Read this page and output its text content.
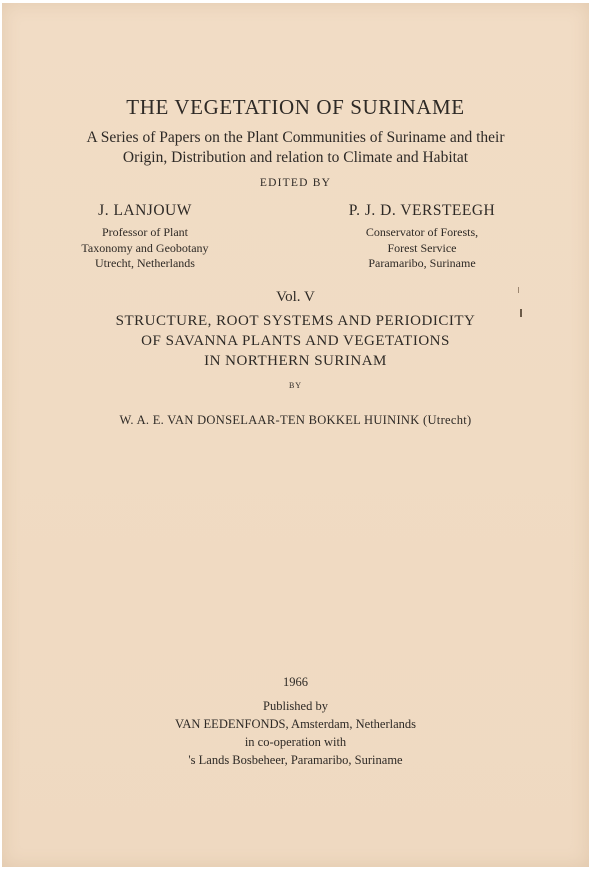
THE VEGETATION OF SURINAME
A Series of Papers on the Plant Communities of Suriname and their
Origin, Distribution and relation to Climate and Habitat
EDITED BY
J. LANJOUW
Professor of Plant
Taxonomy and Geobotany
Utrecht, Netherlands
P. J. D. VERSTEEGH
Conservator of Forests,
Forest Service
Paramaribo, Suriname
Vol. V
STRUCTURE, ROOT SYSTEMS AND PERIODICITY
OF SAVANNA PLANTS AND VEGETATIONS
IN NORTHERN SURINAM
BY
W. A. E. VAN DONSELAAR-TEN BOKKEL HUININK (Utrecht)
1966
Published by
VAN EEDENFONDS, Amsterdam, Netherlands
in co-operation with
's Lands Bosbeheer, Paramaribo, Suriname
